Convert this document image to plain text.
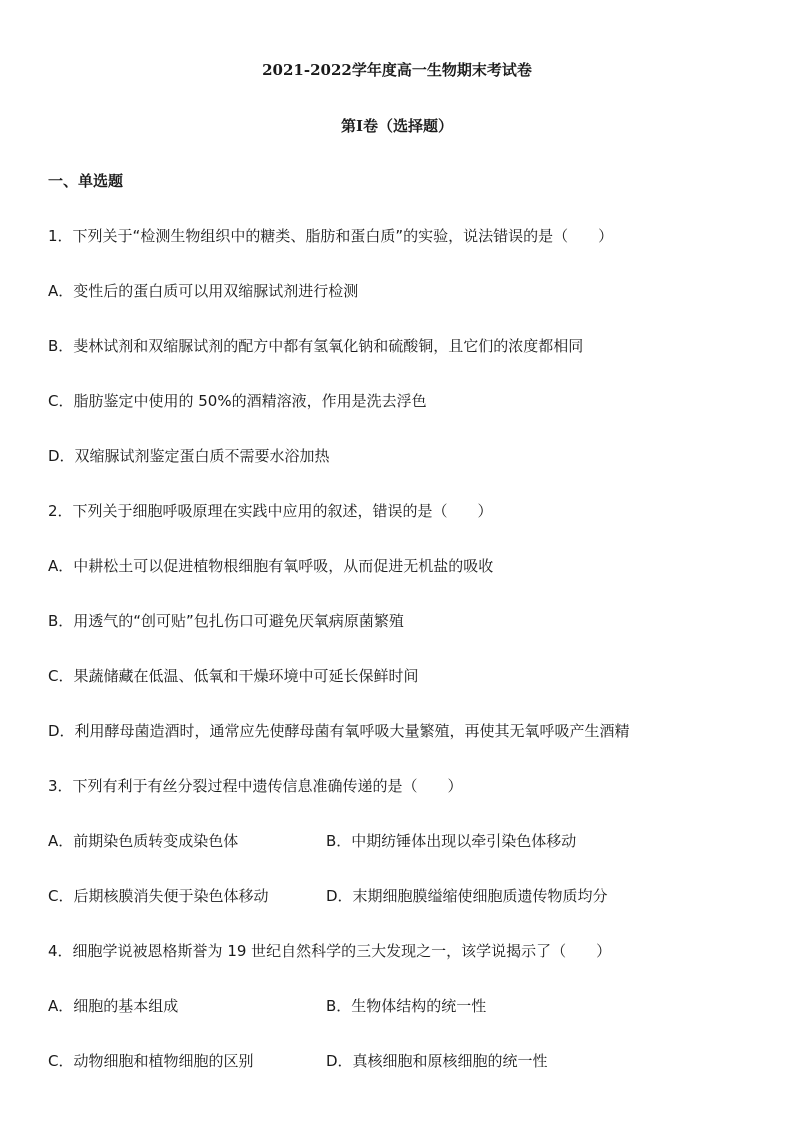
2021-2022学年度高一生物期末考试卷
第I卷（选择题）
一、单选题
1．下列关于“检测生物组织中的糖类、脂肪和蛋白质”的实验，说法错误的是（　　）
A．变性后的蛋白质可以用双缩脲试剂进行检测
B．斐林试剂和双缩脲试剂的配方中都有氢氧化钠和硫酸铜，且它们的浓度都相同
C．脂肪鉴定中使用的 50%的酒精溶液，作用是洗去浮色
D．双缩脲试剂鉴定蛋白质不需要水浴加热
2．下列关于细胞呼吸原理在实践中应用的叙述，错误的是（　　）
A．中耕松土可以促进植物根细胞有氧呼吸，从而促进无机盐的吸收
B．用透气的“创可贴”包扎伤口可避免厌氧病原菌繁殖
C．果蔬储藏在低温、低氧和干燥环境中可延长保鲜时间
D．利用酵母菌造酒时，通常应先使酵母菌有氧呼吸大量繁殖，再使其无氧呼吸产生酒精
3．下列有利于有丝分裂过程中遗传信息准确传递的是（　　）
A．前期染色质转变成染色体	B．中期纺锤体出现以牵引染色体移动
C．后期核膜消失便于染色体移动	D．末期细胞膜缢缩使细胞质遗传物质均分
4．细胞学说被恩格斯誉为 19 世纪自然科学的三大发现之一，该学说揭示了（　　）
A．细胞的基本组成	B．生物体结构的统一性
C．动物细胞和植物细胞的区别	D．真核细胞和原核细胞的统一性
